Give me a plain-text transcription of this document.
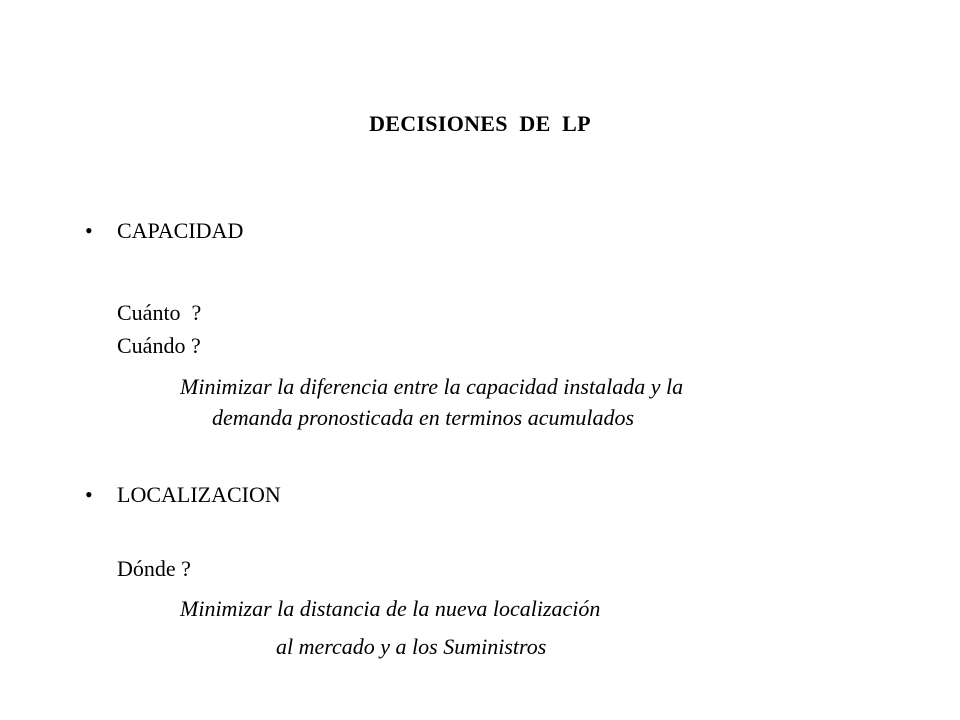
DECISIONES  DE  LP
• CAPACIDAD
Cuánto  ?
Cuándo ?
Minimizar la diferencia entre la capacidad instalada y la
demanda pronosticada en terminos acumulados
• LOCALIZACION
Dónde ?
Minimizar la distancia de la nueva localización
al mercado y a los Suministros
